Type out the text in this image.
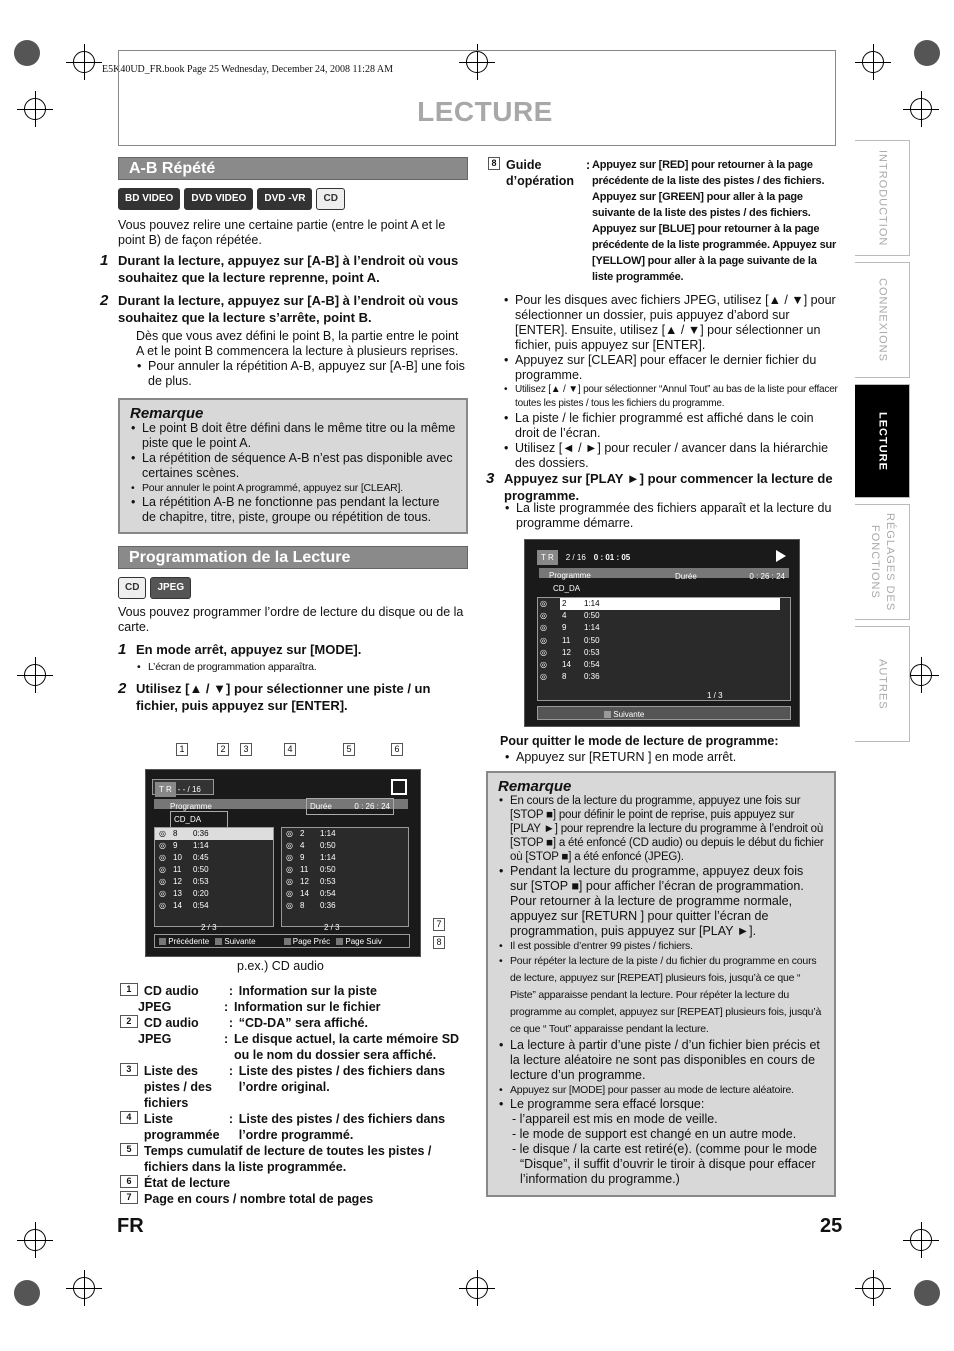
E5K40UD_FR.book Page 25 Wednesday, December 24, 2008 11:28 AM
LECTURE
INTRODUCTION
CONNEXIONS
LECTURE
RÉGLAGES DES FONCTIONS
AUTRES
A-B Répété
BD VIDEO DVD VIDEO DVD -VR CD

Vous pouvez relire une certaine partie (entre le point A et le point B) de façon répétée.

1 Durant la lecture, appuyez sur [A-B] à l’endroit où vous souhaitez que la lecture reprenne, point A.
2 Durant la lecture, appuyez sur [A-B] à l’endroit où vous souhaitez que la lecture s’arrête, point B.

Dès que vous avez défini le point B, la partie entre le point A et le point B commencera la lecture à plusieurs reprises.

• Pour annuler la répétition A-B, appuyez sur [A-B] une fois de plus.
Remarque
• Le point B doit être défini dans le même titre ou la même piste que le point A.
• La répétition de séquence A-B n’est pas disponible avec certaines scènes.
• Pour annuler le point A programmé, appuyez sur [CLEAR].
• La répétition A-B ne fonctionne pas pendant la lecture de chapitre, titre, piste, groupe ou répétition de tous.
Programmation de la Lecture
CD JPEG

Vous pouvez programmer l’ordre de lecture du disque ou de la carte.

1 En mode arrêt, appuyez sur [MODE].
• L’écran de programmation apparaîtra.
2 Utilisez [▲ / ▼] pour sélectionner une piste / un fichier, puis appuyez sur [ENTER].
1	2	3	4	5	6
7
8
T R - - / 16
Programme
CD_DA
Durée	0 : 26 : 24
◎ 8	0:36
◎ 9	1:14
◎ 10	0:45
◎ 11	0:50
◎ 12	0:53
◎ 13	0:20
◎ 14	0:54
◎ 2	1:14
◎ 4	0:50
◎ 9	1:14
◎ 11	0:50
◎ 12	0:53
◎ 14	0:54
◎ 8	0:36
2 / 3	2 / 3
Précédente	Suivante	Page Préc	Page Suiv
p.ex.) CD audio
1 CD audio	: Information sur la piste
JPEG	: Information sur le fichier
2 CD audio	: “CD-DA” sera affiché.
JPEG	: Le disque actuel, la carte mémoire SD ou le nom du dossier sera affiché.
3 Liste des pistes / des fichiers
: Liste des pistes / des fichiers dans l’ordre original.
4 Liste programmée
: Liste des pistes / des fichiers dans l’ordre programmé.
5	Temps cumulatif de lecture de toutes les pistes / fichiers dans la liste programmée.
6	État de lecture
7	Page en cours / nombre total de pages
8 Guide d’opération
: Appuyez sur [RED] pour retourner à la page précédente de la liste des pistes / des fichiers. Appuyez sur [GREEN] pour aller à la page suivante de la liste des pistes / des fichiers. Appuyez sur [BLUE] pour retourner à la page précédente de la liste programmée. Appuyez sur [YELLOW] pour aller à la page suivante de la liste programmée.
• Pour les disques avec fichiers JPEG, utilisez [▲ / ▼] pour sélectionner un dossier, puis appuyez d’abord sur [ENTER]. Ensuite, utilisez [▲ / ▼] pour sélectionner un fichier, puis appuyez sur [ENTER].
• Appuyez sur [CLEAR] pour effacer le dernier fichier du programme.
• Utilisez [▲ / ▼] pour sélectionner “Annul Tout” au bas de la liste pour effacer toutes les pistes / tous les fichiers du programme.
• La piste / le fichier programmé est affiché dans le coin droit de l’écran.
• Utilisez [◄ / ►] pour reculer / avancer dans la hiérarchie des dossiers.
3 Appuyez sur [PLAY ►] pour commencer la lecture de programme.
• La liste programmée des fichiers apparaît et la lecture du programme démarre.
T R	2 / 16 0 : 01 : 05
Programme	Durée	0 : 26 : 24
CD_DA
◎	2	1:14
◎	4	0:50
◎	9	1:14
◎	11	0:50
◎	12	0:53
◎	14	0:54
◎	8	0:36
1 / 3
Suivante
Pour quitter le mode de lecture de programme:
• Appuyez sur [RETURN ] en mode arrêt.
Remarque
• En cours de la lecture du programme, appuyez une fois sur [STOP ■] pour définir le point de reprise, puis appuyez sur [PLAY ►] pour reprendre la lecture du programme à l’endroit où [STOP ■] a été enfoncé (CD audio) ou depuis le début du fichier où [STOP ■] a été enfoncé (JPEG).
• Pendant la lecture du programme, appuyez deux fois sur [STOP ■] pour afficher l’écran de programmation. Pour retourner à la lecture de programme normale, appuyez sur [RETURN ] pour quitter l’écran de programmation, puis appuyez sur [PLAY ►].
• Il est possible d’entrer 99 pistes / fichiers.
• Pour répéter la lecture de la piste / du fichier du programme en cours de lecture, appuyez sur [REPEAT] plusieurs fois, jusqu’à ce que “ Piste” apparaisse pendant la lecture. Pour répéter la lecture du programme au complet, appuyez sur [REPEAT] plusieurs fois, jusqu’à ce que “ Tout” apparaisse pendant la lecture.
• La lecture à partir d’une piste / d’un fichier bien précis et la lecture aléatoire ne sont pas disponibles en cours de lecture d’un programme.
• Appuyez sur [MODE] pour passer au mode de lecture aléatoire.
• Le programme sera effacé lorsque:
- l’appareil est mis en mode de veille.
- le mode de support est changé en un autre mode.
- le disque / la carte est retiré(e). (comme pour le mode “Disque”, il suffit d’ouvrir le tiroir à disque pour effacer l’information du programme.)
FR	25
